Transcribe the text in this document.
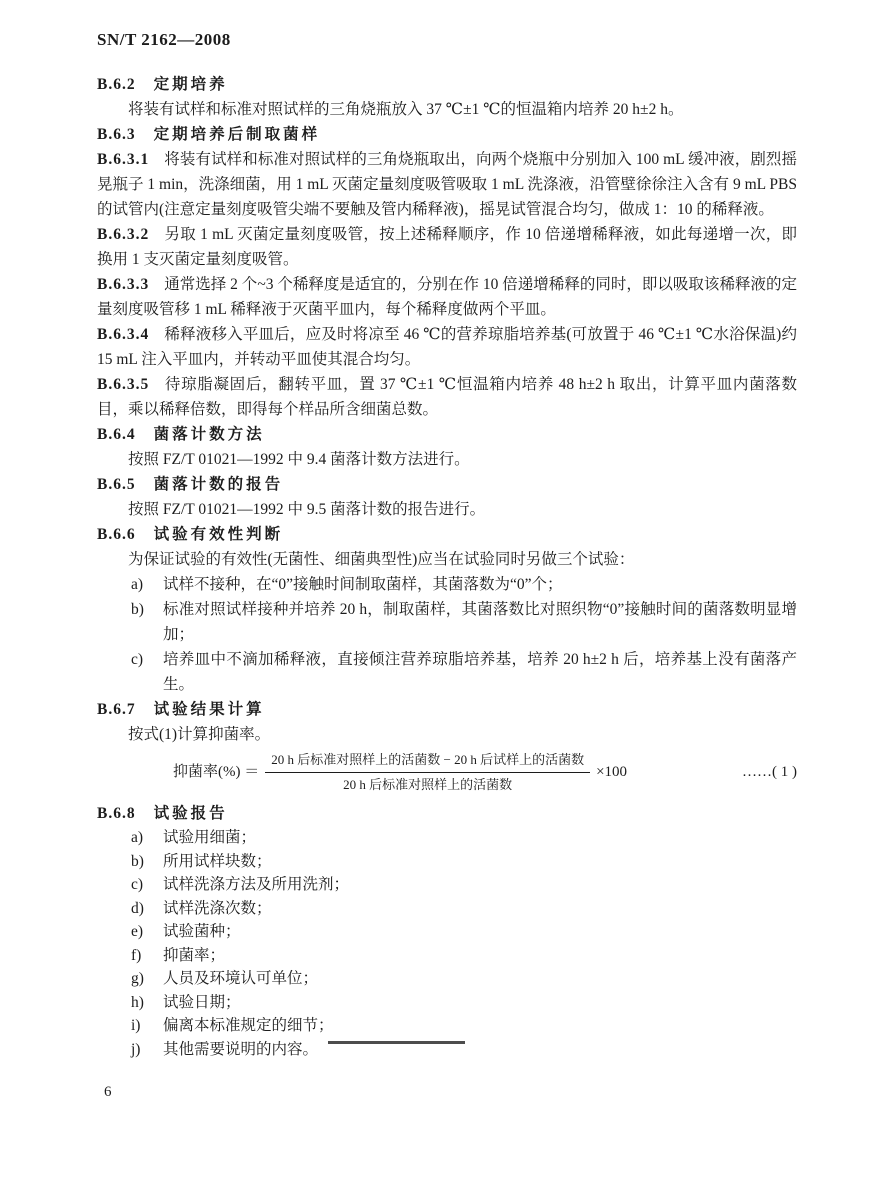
SN/T 2162—2008
B.6.2 定期培养

将装有试样和标准对照试样的三角烧瓶放入 37 ℃±1 ℃的恒温箱内培养 20 h±2 h。

B.6.3 定期培养后制取菌样

B.6.3.1 将装有试样和标准对照试样的三角烧瓶取出，向两个烧瓶中分别加入 100 mL 缓冲液，剧烈摇晃瓶子 1 min，洗涤细菌，用 1 mL 灭菌定量刻度吸管吸取 1 mL 洗涤液，沿管壁徐徐注入含有 9 mL PBS 的试管内(注意定量刻度吸管尖端不要触及管内稀释液)，摇晃试管混合均匀，做成 1：10 的稀释液。

B.6.3.2 另取 1 mL 灭菌定量刻度吸管，按上述稀释顺序，作 10 倍递增稀释液，如此每递增一次，即换用 1 支灭菌定量刻度吸管。

B.6.3.3 通常选择 2 个~3 个稀释度是适宜的，分别在作 10 倍递增稀释的同时，即以吸取该稀释液的定量刻度吸管移 1 mL 稀释液于灭菌平皿内，每个稀释度做两个平皿。

B.6.3.4 稀释液移入平皿后，应及时将凉至 46 ℃的营养琼脂培养基(可放置于 46 ℃±1 ℃水浴保温)约 15 mL 注入平皿内，并转动平皿使其混合均匀。

B.6.3.5 待琼脂凝固后，翻转平皿，置 37 ℃±1 ℃恒温箱内培养 48 h±2 h 取出，计算平皿内菌落数目，乘以稀释倍数，即得每个样品所含细菌总数。

B.6.4 菌落计数方法

按照 FZ/T 01021—1992 中 9.4 菌落计数方法进行。

B.6.5 菌落计数的报告

按照 FZ/T 01021—1992 中 9.5 菌落计数的报告进行。

B.6.6 试验有效性判断

为保证试验的有效性(无菌性、细菌典型性)应当在试验同时另做三个试验：

a)	试样不接种，在“0”接触时间制取菌样，其菌落数为“0”个；
b)	标准对照试样接种并培养 20 h，制取菌样，其菌落数比对照织物“0”接触时间的菌落数明显增加；
c)	培养皿中不滴加稀释液，直接倾注营养琼脂培养基，培养 20 h±2 h 后，培养基上没有菌落产生。
B.6.7 试验结果计算

按式(1)计算抑菌率。

抑菌率(%) ＝ $\frac{\text{20 h 后标准对照样上的活菌数 − 20 h 后试样上的活菌数}}{\text{20 h 后标准对照样上的活菌数}} \times 100$	……( 1 )
B.6.8 试验报告
a)	试验用细菌；
b)	所用试样块数；
c)	试样洗涤方法及所用洗剂；
d)	试样洗涤次数；
e)	试验菌种；
f)	抑菌率；
g)	人员及环境认可单位；
h)	试验日期；
i)	偏离本标准规定的细节；
j)	其他需要说明的内容。
6
